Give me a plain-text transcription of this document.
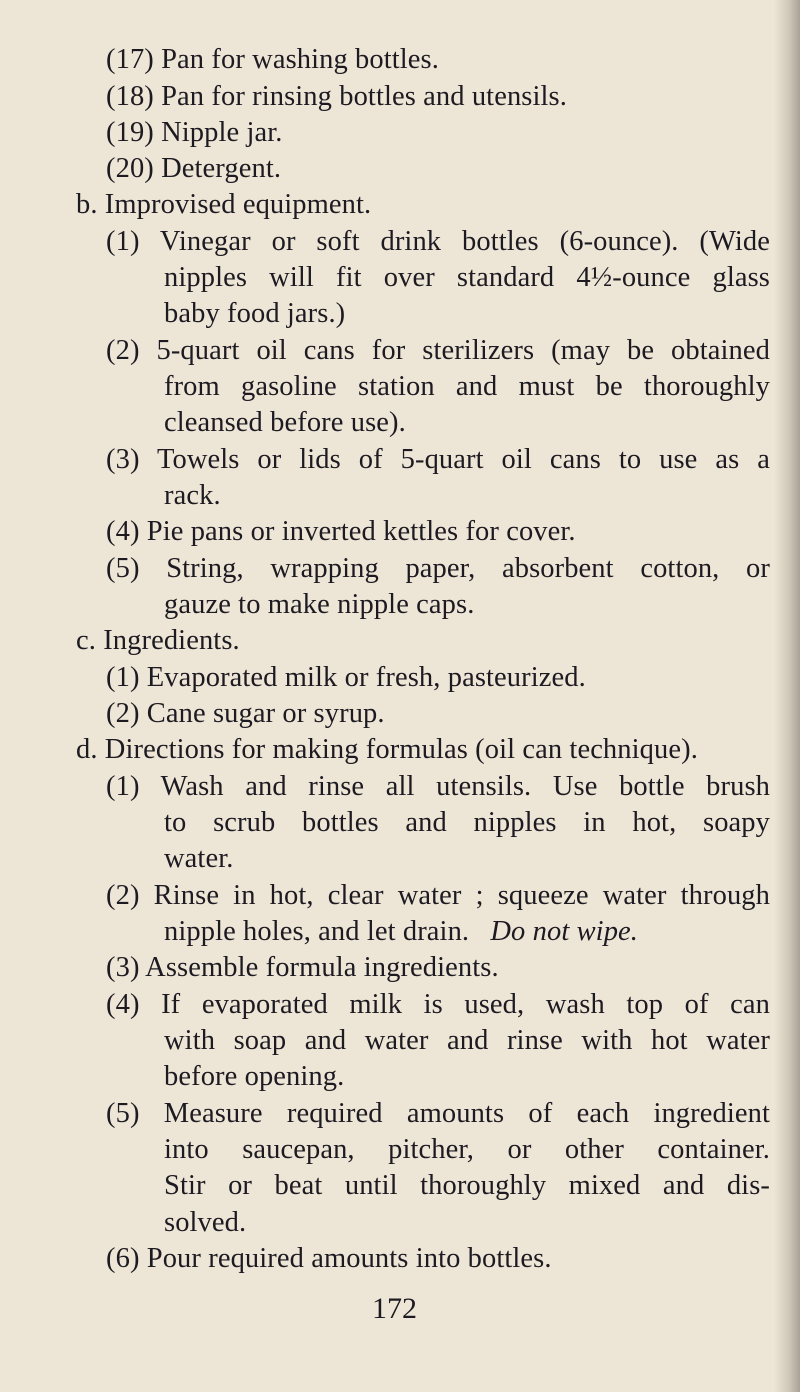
(17) Pan for washing bottles.
(18) Pan for rinsing bottles and utensils.
(19) Nipple jar.
(20) Detergent.
b. Improvised equipment.
(1) Vinegar or soft drink bottles (6-ounce). (Wide
nipples will fit over standard 4½-ounce glass
baby food jars.)
(2) 5-quart oil cans for sterilizers (may be obtained
from gasoline station and must be thoroughly
cleansed before use).
(3) Towels or lids of 5-quart oil cans to use as a
rack.
(4) Pie pans or inverted kettles for cover.
(5) String, wrapping paper, absorbent cotton, or
gauze to make nipple caps.
c. Ingredients.
(1) Evaporated milk or fresh, pasteurized.
(2) Cane sugar or syrup.
d. Directions for making formulas (oil can technique).
(1) Wash and rinse all utensils. Use bottle brush
to scrub bottles and nipples in hot, soapy
water.
(2) Rinse in hot, clear water ; squeeze water through
nipple holes, and let drain. Do not wipe.
(3) Assemble formula ingredients.
(4) If evaporated milk is used, wash top of can
with soap and water and rinse with hot water
before opening.
(5) Measure required amounts of each ingredient
into saucepan, pitcher, or other container.
Stir or beat until thoroughly mixed and dis-
solved.
(6) Pour required amounts into bottles.
172
